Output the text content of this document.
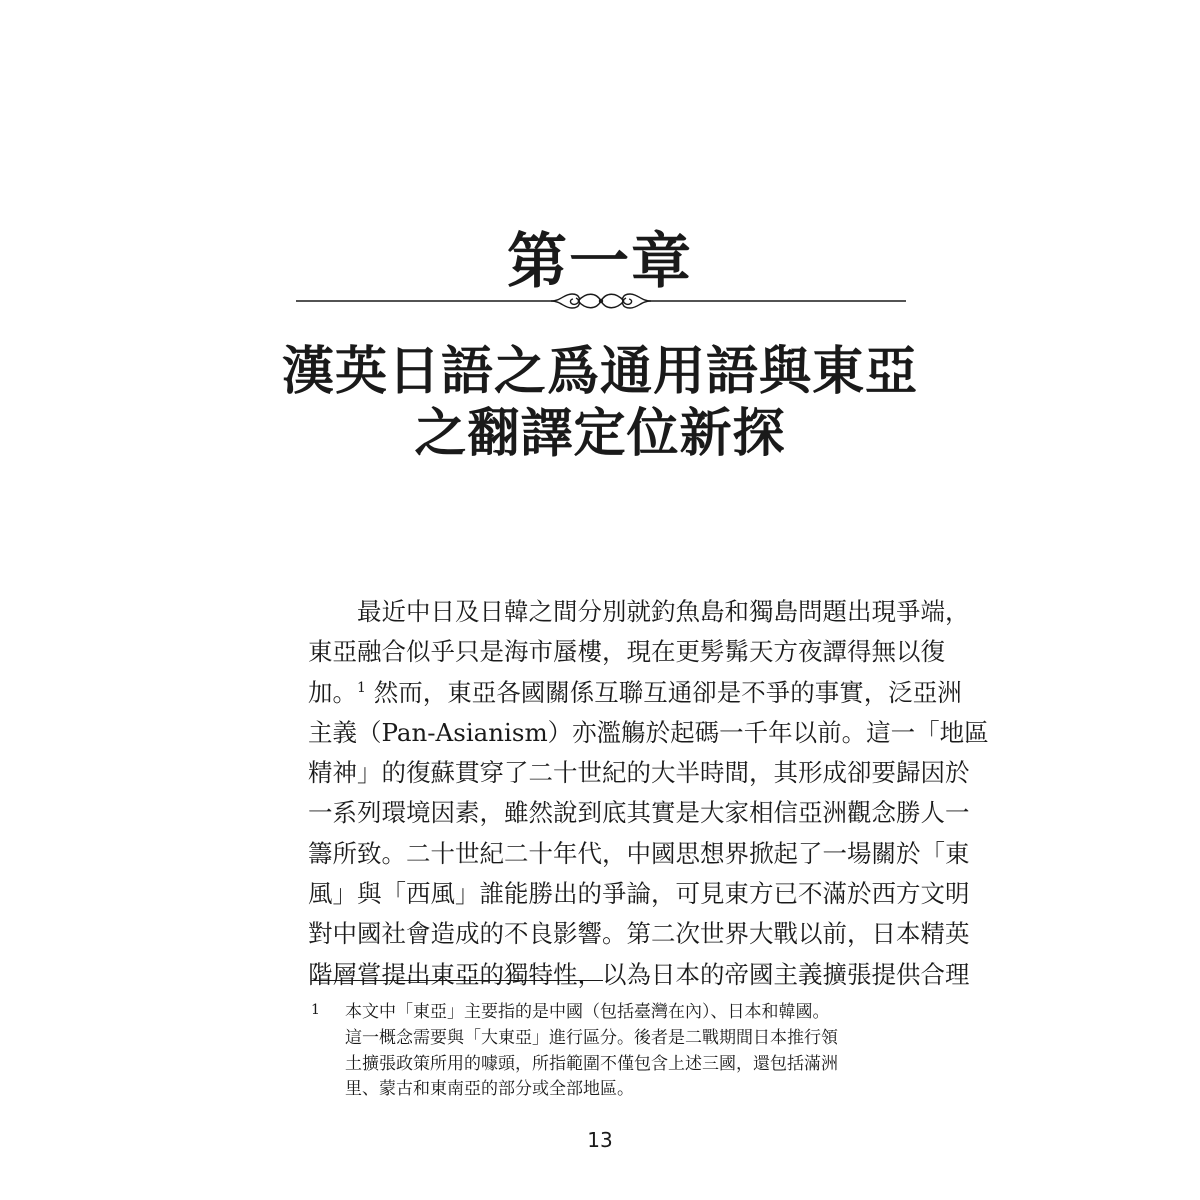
第一章
漢英日語之爲通用語與東亞
之翻譯定位新探
最近中日及日韓之間分別就釣魚島和獨島問題出現爭端，
東亞融合似乎只是海市蜃樓，現在更髣髴天方夜譚得無以復
加。$^1$ 然而，東亞各國關係互聯互通卻是不爭的事實，泛亞洲
主義（Pan-Asianism）亦濫觴於起碼一千年以前。這一「地區
精神」的復蘇貫穿了二十世紀的大半時間，其形成卻要歸因於
一系列環境因素，雖然說到底其實是大家相信亞洲觀念勝人一
籌所致。二十世紀二十年代，中國思想界掀起了一場關於「東
風」與「西風」誰能勝出的爭論，可見東方已不滿於西方文明
對中國社會造成的不良影響。第二次世界大戰以前，日本精英
階層嘗提出東亞的獨特性，以為日本的帝國主義擴張提供合理
1 本文中「東亞」主要指的是中國（包括臺灣在內）、日本和韓國。
這一概念需要與「大東亞」進行區分。後者是二戰期間日本推行領
土擴張政策所用的噱頭，所指範圍不僅包含上述三國，還包括滿洲
里、蒙古和東南亞的部分或全部地區。
13
